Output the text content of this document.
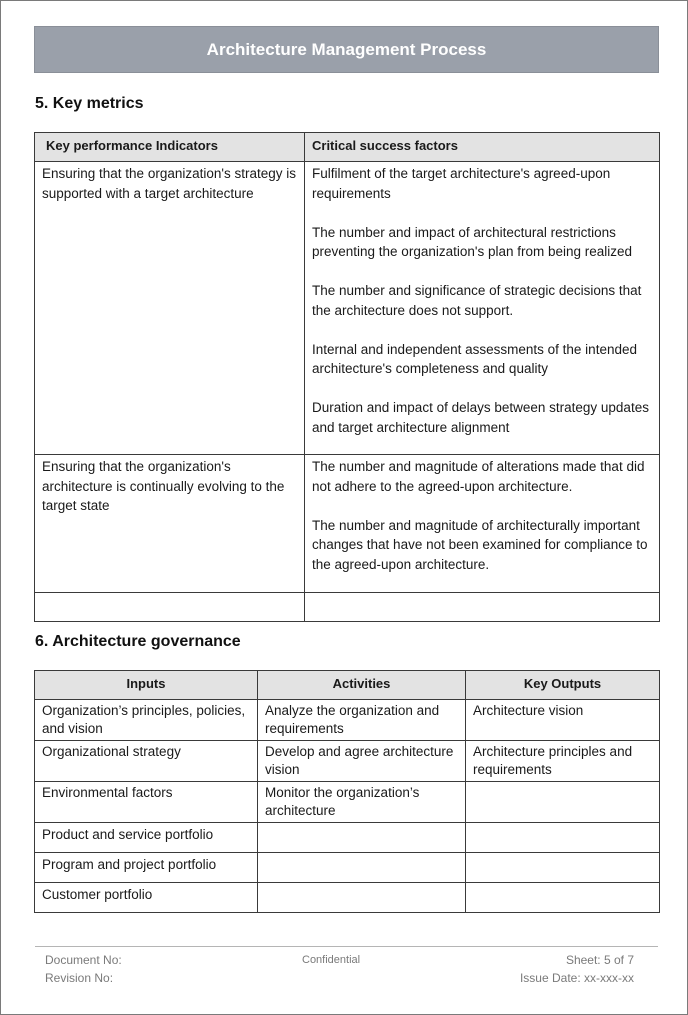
Architecture Management Process
5. Key metrics
Key performance Indicators	Critical success factors
Ensuring that the organization's strategy is supported with a target architecture	Fulfilment of the target architecture's agreed-upon requirements
The number and impact of architectural restrictions preventing the organization's plan from being realized
The number and significance of strategic decisions that the architecture does not support.
Internal and independent assessments of the intended architecture's completeness and quality
Duration and impact of delays between strategy updates and target architecture alignment

Ensuring that the organization's architecture is continually evolving to the target state	The number and magnitude of alterations made that did not adhere to the agreed-upon architecture.
The number and magnitude of architecturally important changes that have not been examined for compliance to the agreed-upon architecture.

6. Architecture governance
Inputs	Activities	Key Outputs
Organization’s principles, policies, and vision	Analyze the organization and requirements	Architecture vision
Organizational strategy	Develop and agree architecture vision	Architecture principles and requirements
Environmental factors	Monitor the organization’s architecture	
Product and service portfolio		
Program and project portfolio		
Customer portfolio		
Document No:
Revision No:
Confidential	Sheet: 5 of 7
Issue Date: xx-xxx-xx
